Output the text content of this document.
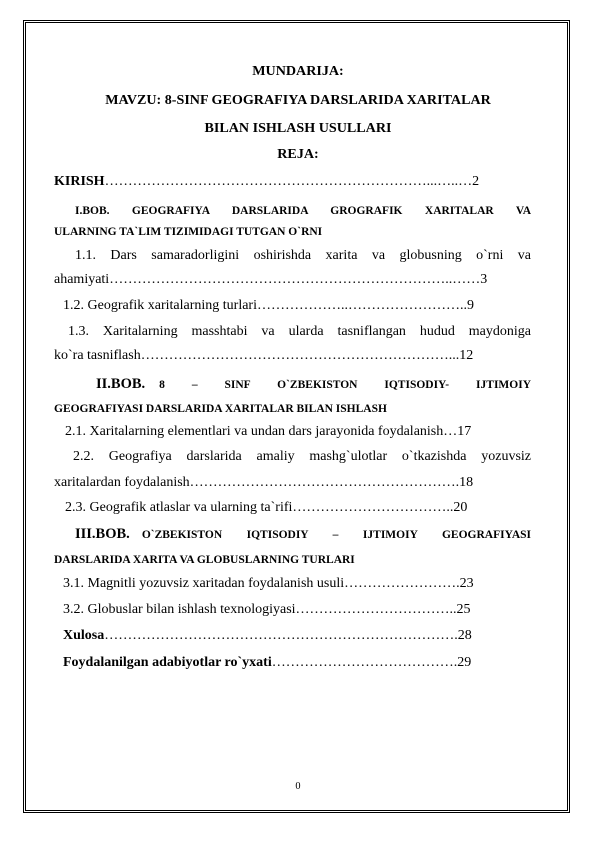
MUNDARIJA:
MAVZU: 8-SINF GEOGRAFIYA DARSLARIDA XARITALAR
BILAN ISHLASH USULLARI
REJA:
KIRISH……………………………………………………………...…..…2
I.BOB. GEOGRAFIYA DARSLARIDA GROGRAFIK XARITALAR VA
ULARNING TA`LIM TIZIMIDAGI TUTGAN O`RNI
1.1. Dars samaradorligini oshirishda xarita va globusning o`rni va
ahamiyati………………………………………………………………..……3
1.2. Geografik xaritalarning turlari………………..……………………..9
1.3. Xaritalarning masshtabi va ularda tasniflangan hudud maydoniga
ko`ra tasniflash…………………………………………………………...12
II.BOB. 8 – SINF O`ZBEKISTON IQTISODIY- IJTIMOIY
GEOGRAFIYASI DARSLARIDA XARITALAR BILAN ISHLASH
2.1. Xaritalarning elementlari va undan dars jarayonida foydalanish…17
2.2. Geografiya darslarida amaliy mashg`ulotlar o`tkazishda yozuvsiz
xaritalardan foydalanish………………………………………………….18
2.3. Geografik atlaslar va ularning ta`rifi……………………………..20
III.BOB. O`ZBEKISTON IQTISODIY – IJTIMOIY GEOGRAFIYASI
DARSLARIDA XARITA VA GLOBUSLARNING TURLARI
3.1. Magnitli yozuvsiz xaritadan foydalanish usuli…………………….23
3.2. Globuslar bilan ishlash texnologiyasi……………………………..25
Xulosa………………………………………………………………….28
Foydalanilgan adabiyotlar ro`yxati………………………………….29
0
